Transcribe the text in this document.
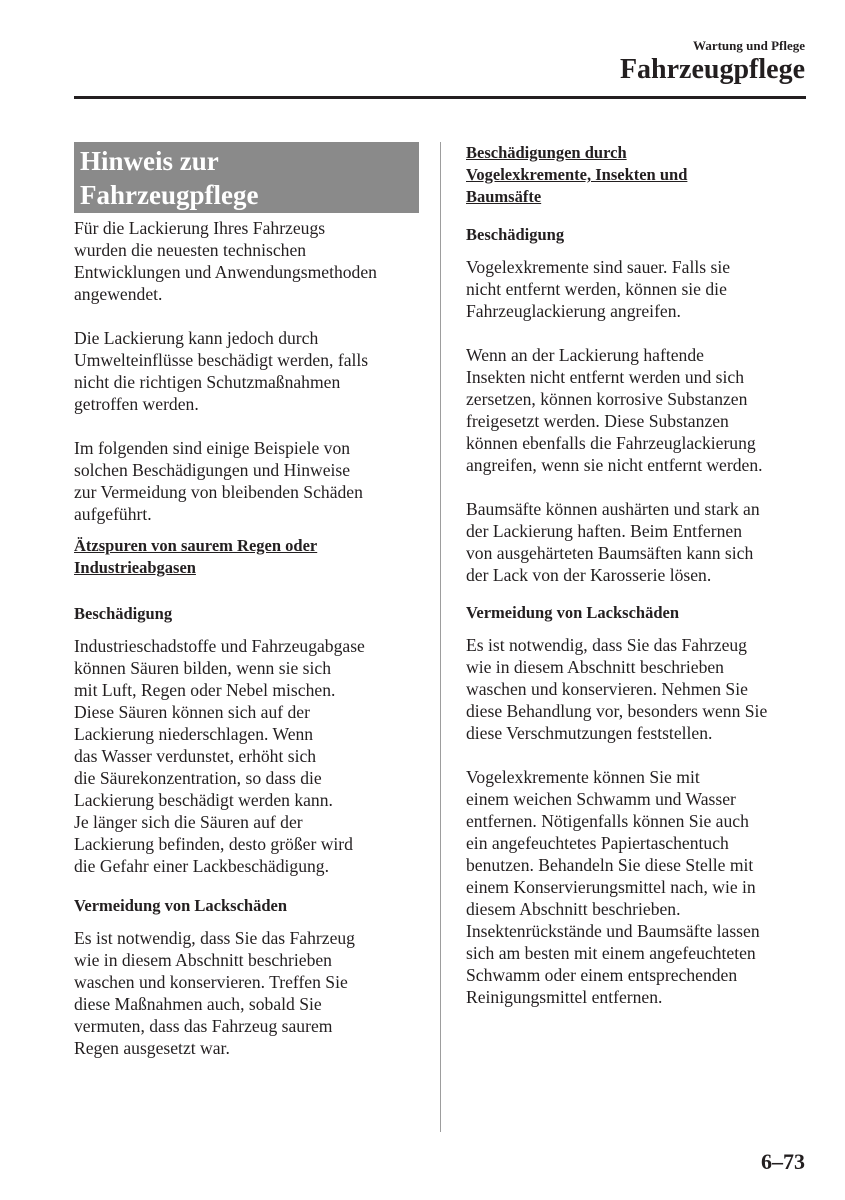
Wartung und Pflege
Fahrzeugpflege
Hinweis zur
Fahrzeugpflege

Für die Lackierung Ihres Fahrzeugs
wurden die neuesten technischen
Entwicklungen und Anwendungsmethoden
angewendet.

Die Lackierung kann jedoch durch
Umwelteinflüsse beschädigt werden, falls
nicht die richtigen Schutzmaßnahmen
getroffen werden.

Im folgenden sind einige Beispiele von
solchen Beschädigungen und Hinweise
zur Vermeidung von bleibenden Schäden
aufgeführt.

Ätzspuren von saurem Regen oder
Industrieabgasen
Beschädigung

Industrieschadstoffe und Fahrzeugabgase
können Säuren bilden, wenn sie sich
mit Luft, Regen oder Nebel mischen.
Diese Säuren können sich auf der
Lackierung niederschlagen. Wenn
das Wasser verdunstet, erhöht sich
die Säurekonzentration, so dass die
Lackierung beschädigt werden kann.
Je länger sich die Säuren auf der
Lackierung befinden, desto größer wird
die Gefahr einer Lackbeschädigung.

Vermeidung von Lackschäden

Es ist notwendig, dass Sie das Fahrzeug
wie in diesem Abschnitt beschrieben
waschen und konservieren. Treffen Sie
diese Maßnahmen auch, sobald Sie
vermuten, dass das Fahrzeug saurem
Regen ausgesetzt war.

Beschädigungen durch
Vogelexkremente, Insekten und
Baumsäfte
Beschädigung

Vogelexkremente sind sauer. Falls sie
nicht entfernt werden, können sie die
Fahrzeuglackierung angreifen.

Wenn an der Lackierung haftende
Insekten nicht entfernt werden und sich
zersetzen, können korrosive Substanzen
freigesetzt werden. Diese Substanzen
können ebenfalls die Fahrzeuglackierung
angreifen, wenn sie nicht entfernt werden.

Baumsäfte können aushärten und stark an
der Lackierung haften. Beim Entfernen
von ausgehärteten Baumsäften kann sich
der Lack von der Karosserie lösen.

Vermeidung von Lackschäden

Es ist notwendig, dass Sie das Fahrzeug
wie in diesem Abschnitt beschrieben
waschen und konservieren. Nehmen Sie
diese Behandlung vor, besonders wenn Sie
diese Verschmutzungen feststellen.

Vogelexkremente können Sie mit
einem weichen Schwamm und Wasser
entfernen. Nötigenfalls können Sie auch
ein angefeuchtetes Papiertaschentuch
benutzen. Behandeln Sie diese Stelle mit
einem Konservierungsmittel nach, wie in
diesem Abschnitt beschrieben.
Insektenrückstände und Baumsäfte lassen
sich am besten mit einem angefeuchteten
Schwamm oder einem entsprechenden
Reinigungsmittel entfernen.

6–73
